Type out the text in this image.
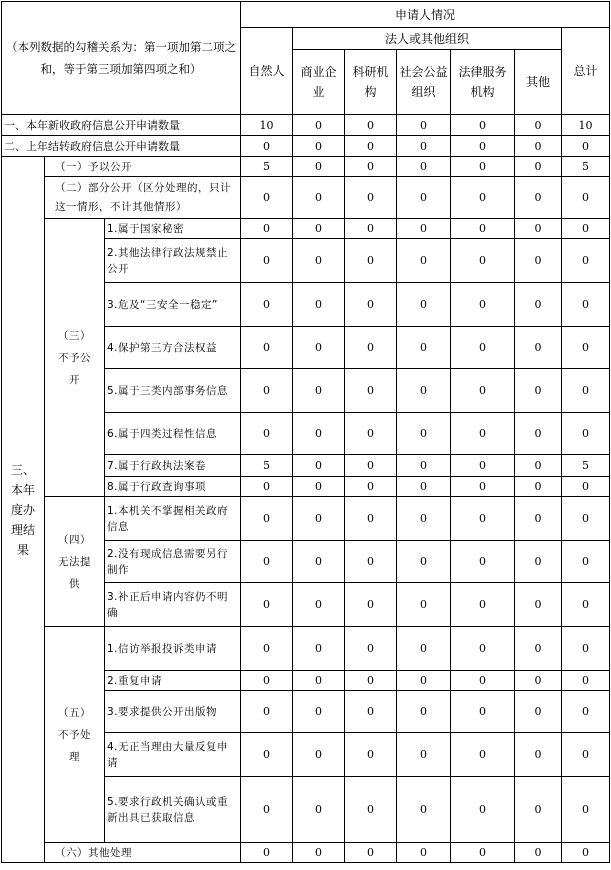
（本列数据的勾稽关系为：第一项加第二项之和，等于第三项加第四项之和）			申请人情况						
			自然人	法人或其他组织					总计
				商业企业	科研机构	社会公益组织	法律服务机构	其他	
一、本年新收政府信息公开申请数量			10	0	0	0	0	0	10
二、上年结转政府信息公开申请数量			0	0	0	0	0	0	0
三、本年度办理结果	（一）予以公开		5	0	0	0	0	0	5
	（二）部分公开（区分处理的，只计这一情形，不计其他情形）		0	0	0	0	0	0	0
	（三）不予公开	1.属于国家秘密	0	0	0	0	0	0	0
		2.其他法律行政法规禁止公开	0	0	0	0	0	0	0
		3.危及“三安全一稳定”	0	0	0	0	0	0	0
		4.保护第三方合法权益	0	0	0	0	0	0	0
		5.属于三类内部事务信息	0	0	0	0	0	0	0
		6.属于四类过程性信息	0	0	0	0	0	0	0
		7.属于行政执法案卷	5	0	0	0	0	0	5
		8.属于行政查询事项	0	0	0	0	0	0	0
	（四）无法提供	1.本机关不掌握相关政府信息	0	0	0	0	0	0	0
		2.没有现成信息需要另行制作	0	0	0	0	0	0	0
		3.补正后申请内容仍不明确	0	0	0	0	0	0	0
	（五）不予处理	1.信访举报投诉类申请	0	0	0	0	0	0	0
		2.重复申请	0	0	0	0	0	0	0
		3.要求提供公开出版物	0	0	0	0	0	0	0
		4.无正当理由大量反复申请	0	0	0	0	0	0	0
		5.要求行政机关确认或重新出具已获取信息	0	0	0	0	0	0	0
	（六）其他处理		0	0	0	0	0	0	0
